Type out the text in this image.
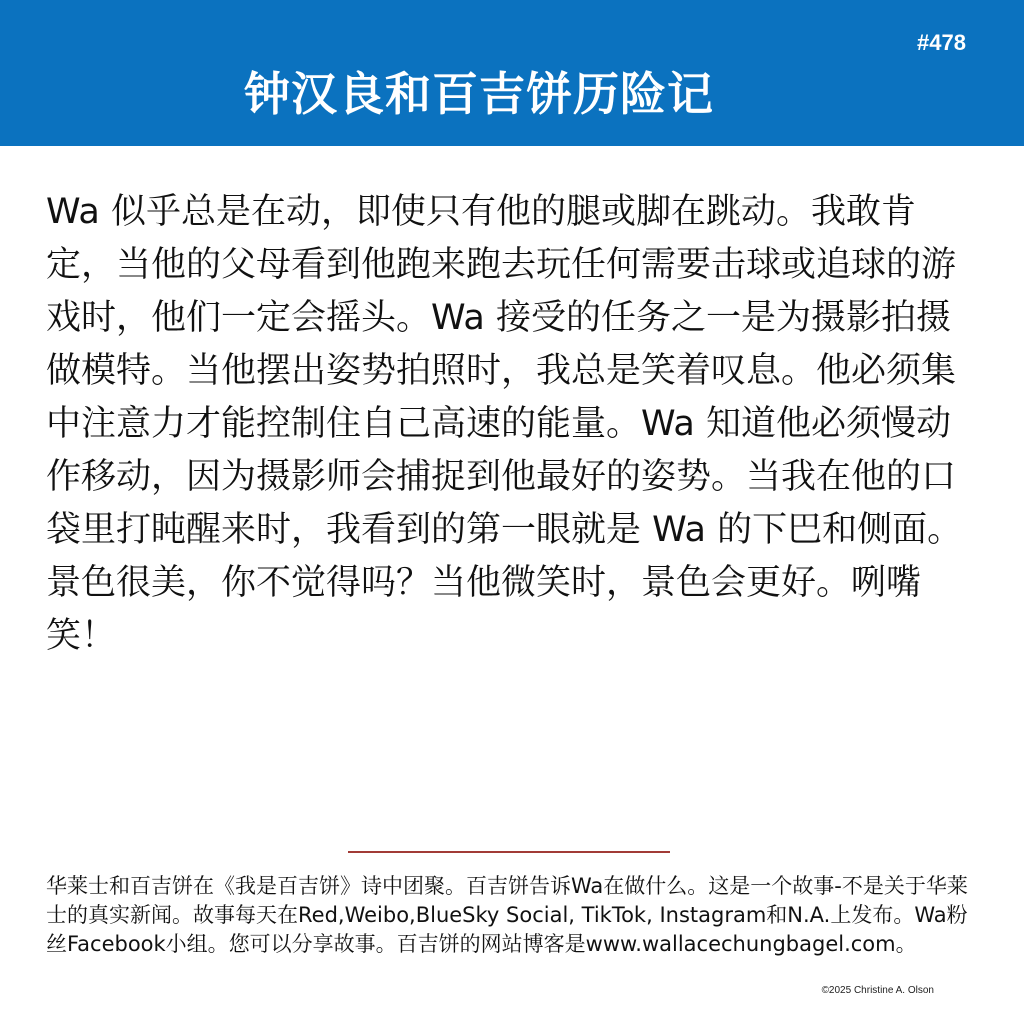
#478
钟汉良和百吉饼历险记

Wa 似乎总是在动，即使只有他的腿或脚在跳动。我敢肯定，当他的父母看到他跑来跑去玩任何需要击球或追球的游戏时，他们一定会摇头。Wa 接受的任务之一是为摄影拍摄做模特。当他摆出姿势拍照时，我总是笑着叹息。他必须集中注意力才能控制住自己高速的能量。Wa 知道他必须慢动作移动，因为摄影师会捕捉到他最好的姿势。当我在他的口袋里打盹醒来时，我看到的第一眼就是 Wa 的下巴和侧面。景色很美，你不觉得吗？当他微笑时，景色会更好。咧嘴笑！

华莱士和百吉饼在《我是百吉饼》诗中团聚。百吉饼告诉Wa在做什么。这是一个故事-不是关于华莱士的真实新闻。故事每天在Red,Weibo,BlueSky Social, TikTok, Instagram和N.A.上发布。Wa粉丝Facebook小组。您可以分享故事。百吉饼的网站博客是www.wallacechungbagel.com。

©2025 Christine A. Olson
